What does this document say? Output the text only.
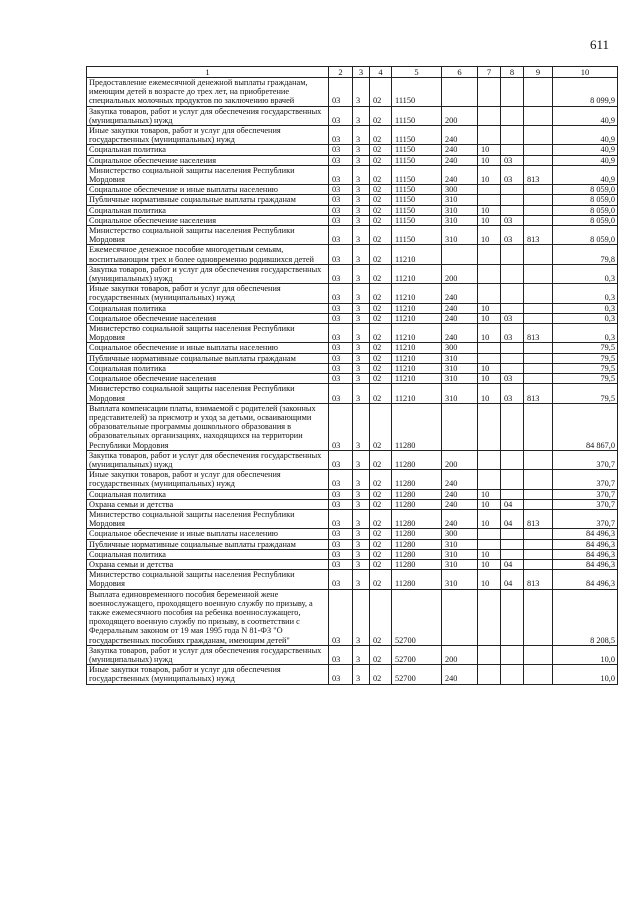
611
1	2	3	4	5	6	7	8	9	10
Предоставление ежемесячной денежной выплаты гражданам, имеющим детей в возрасте до трех лет, на приобретение специальных молочных продуктов по заключению врачей	03	3	02	11150					8 099,9
Закупка товаров, работ и услуг для обеспечения государственных (муниципальных) нужд	03	3	02	11150	200				40,9
Иные закупки товаров, работ и услуг для обеспечения государственных (муниципальных) нужд	03	3	02	11150	240				40,9
Социальная политика	03	3	02	11150	240	10			40,9
Социальное обеспечение населения	03	3	02	11150	240	10	03		40,9
Министерство социальной защиты населения Республики Мордовия	03	3	02	11150	240	10	03	813	40,9
Социальное обеспечение и иные выплаты населению	03	3	02	11150	300				8 059,0
Публичные нормативные социальные выплаты гражданам	03	3	02	11150	310				8 059,0
Социальная политика	03	3	02	11150	310	10			8 059,0
Социальное обеспечение населения	03	3	02	11150	310	10	03		8 059,0
Министерство социальной защиты населения Республики Мордовия	03	3	02	11150	310	10	03	813	8 059,0
Ежемесячное денежное пособие многодетным семьям, воспитывающим трех и более одновременно родившихся детей	03	3	02	11210					79,8
Закупка товаров, работ и услуг для обеспечения государственных (муниципальных) нужд	03	3	02	11210	200				0,3
Иные закупки товаров, работ и услуг для обеспечения государственных (муниципальных) нужд	03	3	02	11210	240				0,3
Социальная политика	03	3	02	11210	240	10			0,3
Социальное обеспечение населения	03	3	02	11210	240	10	03		0,3
Министерство социальной защиты населения Республики Мордовия	03	3	02	11210	240	10	03	813	0,3
Социальное обеспечение и иные выплаты населению	03	3	02	11210	300				79,5
Публичные нормативные социальные выплаты гражданам	03	3	02	11210	310				79,5
Социальная политика	03	3	02	11210	310	10			79,5
Социальное обеспечение населения	03	3	02	11210	310	10	03		79,5
Министерство социальной защиты населения Республики Мордовия	03	3	02	11210	310	10	03	813	79,5
Выплата компенсации платы, взимаемой с родителей (законных представителей) за присмотр и уход за детьми, осваивающими образовательные программы дошкольного образования в образовательных организациях, находящихся на территории Республики Мордовия	03	3	02	11280					84 867,0
Закупка товаров, работ и услуг для обеспечения государственных (муниципальных) нужд	03	3	02	11280	200				370,7
Иные закупки товаров, работ и услуг для обеспечения государственных (муниципальных) нужд	03	3	02	11280	240				370,7
Социальная политика	03	3	02	11280	240	10			370,7
Охрана семьи и детства	03	3	02	11280	240	10	04		370,7
Министерство социальной защиты населения Республики Мордовия	03	3	02	11280	240	10	04	813	370,7
Социальное обеспечение и иные выплаты населению	03	3	02	11280	300				84 496,3
Публичные нормативные социальные выплаты гражданам	03	3	02	11280	310				84 496,3
Социальная политика	03	3	02	11280	310	10			84 496,3
Охрана семьи и детства	03	3	02	11280	310	10	04		84 496,3
Министерство социальной защиты населения Республики Мордовия	03	3	02	11280	310	10	04	813	84 496,3
Выплата единовременного пособия беременной жене военнослужащего, проходящего военную службу по призыву, а также ежемесячного пособия на ребенка военнослужащего, проходящего военную службу по призыву, в соответствии с Федеральным законом от 19 мая 1995 года N 81-ФЗ "О государственных пособиях гражданам, имеющим детей"	03	3	02	52700					8 208,5
Закупка товаров, работ и услуг для обеспечения государственных (муниципальных) нужд	03	3	02	52700	200				10,0
Иные закупки товаров, работ и услуг для обеспечения государственных (муниципальных) нужд	03	3	02	52700	240				10,0
